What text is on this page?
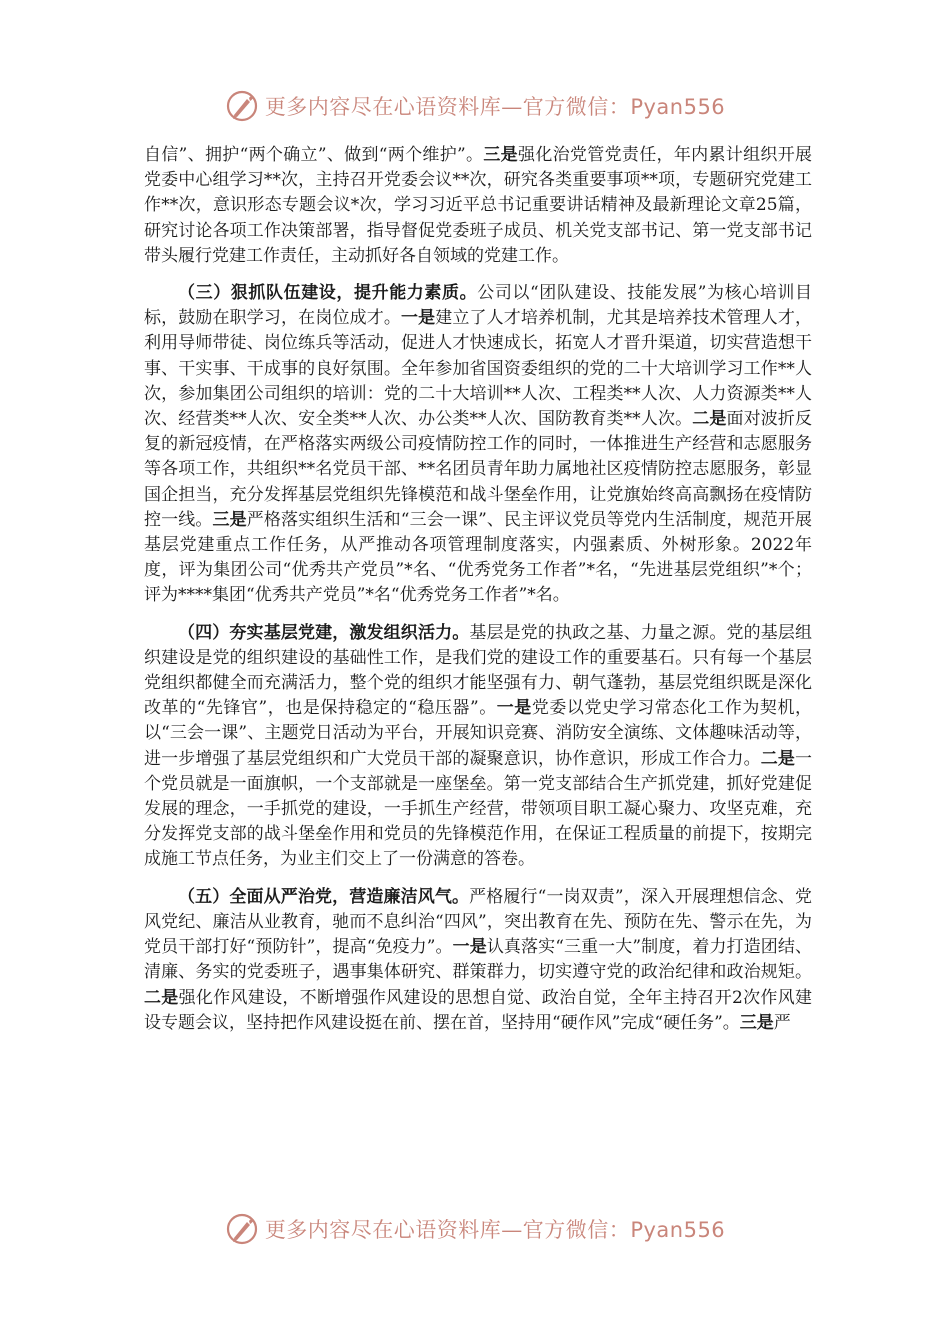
更多内容尽在心语资料库—官方微信：Pyan556

自信”、拥护“两个确立”、做到“两个维护”。三是强化治党管党责任，年内累计组织开展党委中心组学习**次，主持召开党委会议**次，研究各类重要事项**项，专题研究党建工作**次，意识形态专题会议*次，学习习近平总书记重要讲话精神及最新理论文章25篇，研究讨论各项工作决策部署，指导督促党委班子成员、机关党支部书记、第一党支部书记带头履行党建工作责任，主动抓好各自领域的党建工作。

（三）狠抓队伍建设，提升能力素质。公司以“团队建设、技能发展”为核心培训目标，鼓励在职学习，在岗位成才。一是建立了人才培养机制，尤其是培养技术管理人才，利用导师带徒、岗位练兵等活动，促进人才快速成长，拓宽人才晋升渠道，切实营造想干事、干实事、干成事的良好氛围。全年参加省国资委组织的党的二十大培训学习工作**人次，参加集团公司组织的培训：党的二十大培训**人次、工程类**人次、人力资源类**人次、经营类**人次、安全类**人次、办公类**人次、国防教育类**人次。二是面对波折反复的新冠疫情，在严格落实两级公司疫情防控工作的同时，一体推进生产经营和志愿服务等各项工作，共组织**名党员干部、**名团员青年助力属地社区疫情防控志愿服务，彰显国企担当，充分发挥基层党组织先锋模范和战斗堡垒作用，让党旗始终高高飘扬在疫情防控一线。三是严格落实组织生活和“三会一课”、民主评议党员等党内生活制度，规范开展基层党建重点工作任务，从严推动各项管理制度落实，内强素质、外树形象。2022年度，评为集团公司“优秀共产党员”*名、“优秀党务工作者”*名，“先进基层党组织”*个；评为****集团“优秀共产党员”*名“优秀党务工作者”*名。

（四）夯实基层党建，激发组织活力。基层是党的执政之基、力量之源。党的基层组织建设是党的组织建设的基础性工作，是我们党的建设工作的重要基石。只有每一个基层党组织都健全而充满活力，整个党的组织才能坚强有力、朝气蓬勃，基层党组织既是深化改革的“先锋官”，也是保持稳定的“稳压器”。一是党委以党史学习常态化工作为契机，以“三会一课”、主题党日活动为平台，开展知识竞赛、消防安全演练、文体趣味活动等，进一步增强了基层党组织和广大党员干部的凝聚意识，协作意识，形成工作合力。二是一个党员就是一面旗帜，一个支部就是一座堡垒。第一党支部结合生产抓党建，抓好党建促发展的理念，一手抓党的建设，一手抓生产经营，带领项目职工凝心聚力、攻坚克难，充分发挥党支部的战斗堡垒作用和党员的先锋模范作用，在保证工程质量的前提下，按期完成施工节点任务，为业主们交上了一份满意的答卷。

（五）全面从严治党，营造廉洁风气。严格履行“一岗双责”，深入开展理想信念、党风党纪、廉洁从业教育，驰而不息纠治“四风”，突出教育在先、预防在先、警示在先，为党员干部打好“预防针”，提高“免疫力”。一是认真落实“三重一大”制度，着力打造团结、清廉、务实的党委班子，遇事集体研究、群策群力，切实遵守党的政治纪律和政治规矩。二是强化作风建设，不断增强作风建设的思想自觉、政治自觉，全年主持召开2次作风建设专题会议，坚持把作风建设挺在前、摆在首，坚持用“硬作风”完成“硬任务”。三是严

更多内容尽在心语资料库—官方微信：Pyan556
